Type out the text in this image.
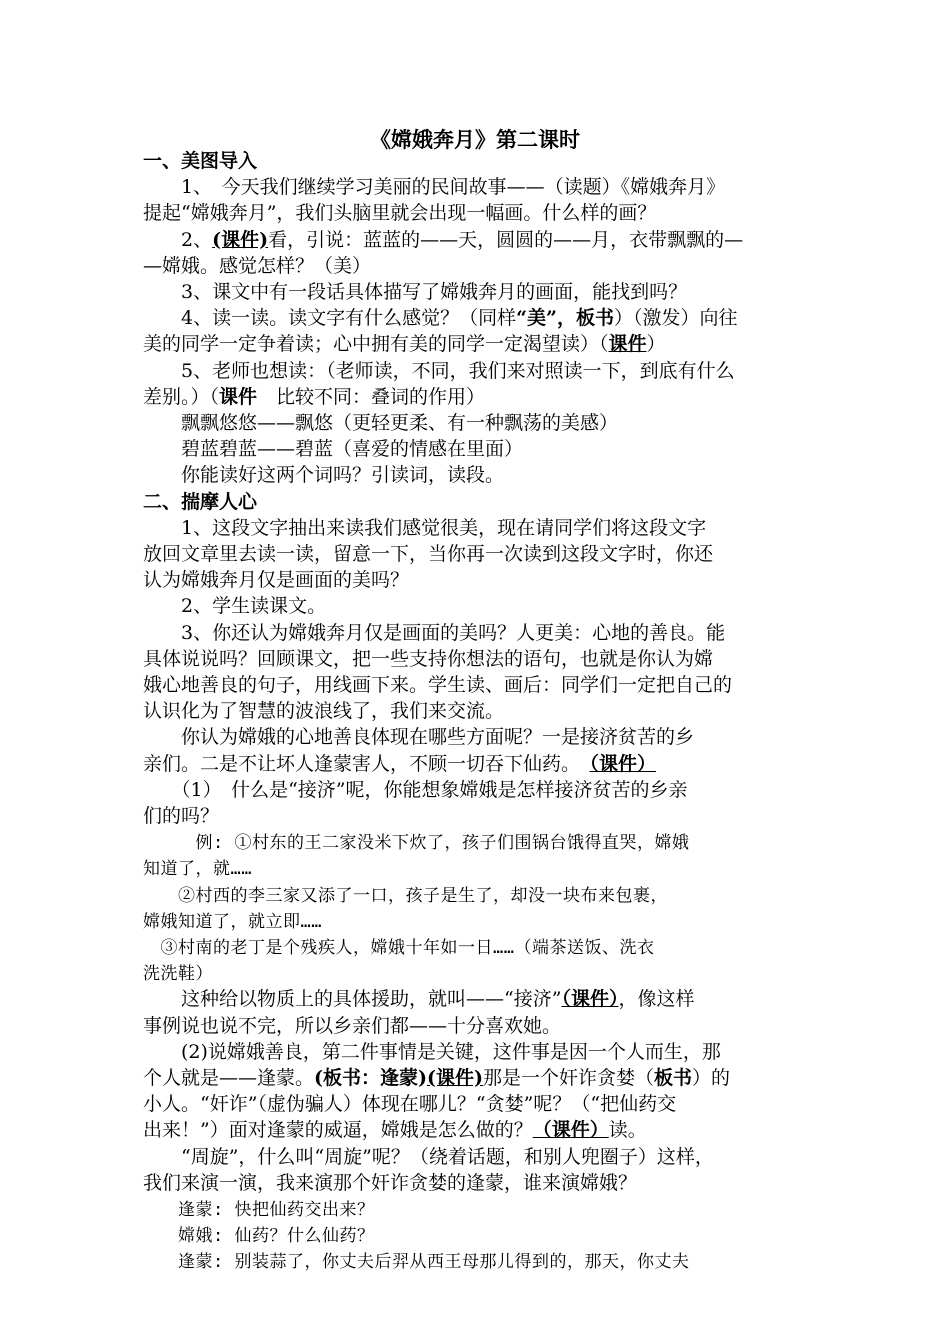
《嫦娥奔月》第二课时
一、美图导入
　　1、　今天我们继续学习美丽的民间故事——（读题）《嫦娥奔月》
提起“嫦娥奔月”，我们头脑里就会出现一幅画。什么样的画？
　　2、(课件)看，引说：蓝蓝的——天，圆圆的——月，衣带飘飘的—
—嫦娥。感觉怎样？（美）
　　3、课文中有一段话具体描写了嫦娥奔月的画面，能找到吗？
　　4、读一读。读文字有什么感觉？（同样“美”，板书）（激发）向往
美的同学一定争着读；心中拥有美的同学一定渴望读）（课件）
　　5、老师也想读：（老师读，不同，我们来对照读一下，到底有什么
差别。）（课件　比较不同：叠词的作用）
　　飘飘悠悠——飘悠（更轻更柔、有一种飘荡的美感）
　　碧蓝碧蓝——碧蓝（喜爱的情感在里面）
　　你能读好这两个词吗？引读词，读段。
二、揣摩人心
　　1、这段文字抽出来读我们感觉很美，现在请同学们将这段文字
放回文章里去读一读，留意一下，当你再一次读到这段文字时，你还
认为嫦娥奔月仅是画面的美吗？
　　2、学生读课文。
　　3、你还认为嫦娥奔月仅是画面的美吗？人更美：心地的善良。能
具体说说吗？回顾课文，把一些支持你想法的语句，也就是你认为嫦
娥心地善良的句子，用线画下来。学生读、画后：同学们一定把自己的
认识化为了智慧的波浪线了，我们来交流。
　　你认为嫦娥的心地善良体现在哪些方面呢？一是接济贫苦的乡
亲们。二是不让坏人逢蒙害人，不顾一切吞下仙药。　（课件）
　　（1）　什么是“接济”呢，你能想象嫦娥是怎样接济贫苦的乡亲
们的吗？
　　　例: ①村东的王二家没米下炊了，孩子们围锅台饿得直哭，嫦娥
知道了，就……
　　②村西的李三家又添了一口，孩子是生了，却没一块布来包裹，
嫦娥知道了，就立即……
　③村南的老丁是个残疾人，嫦娥十年如一日……（端茶送饭、洗衣
洗洗鞋）
　　这种给以物质上的具体援助，就叫——“接济”（课件），像这样
事例说也说不完，所以乡亲们都——十分喜欢她。
　　(2)说嫦娥善良，第二件事情是关键，这件事是因一个人而生，那
个人就是——逢蒙。(板书：逢蒙)(课件)那是一个奸诈贪婪（板书）的
小人。“奸诈”（虚伪骗人）体现在哪儿？“贪婪”呢？（“把仙药交
出来！”）面对逢蒙的威逼，嫦娥是怎么做的？（课件）读。
　　“周旋”，什么叫“周旋”呢？（绕着话题，和别人兜圈子）这样，
我们来演一演，我来演那个奸诈贪婪的逢蒙，谁来演嫦娥？
　　逢蒙: 快把仙药交出来？
　　嫦娥: 仙药？什么仙药？
　　逢蒙: 别装蒜了，你丈夫后羿从西王母那儿得到的，那天，你丈夫
